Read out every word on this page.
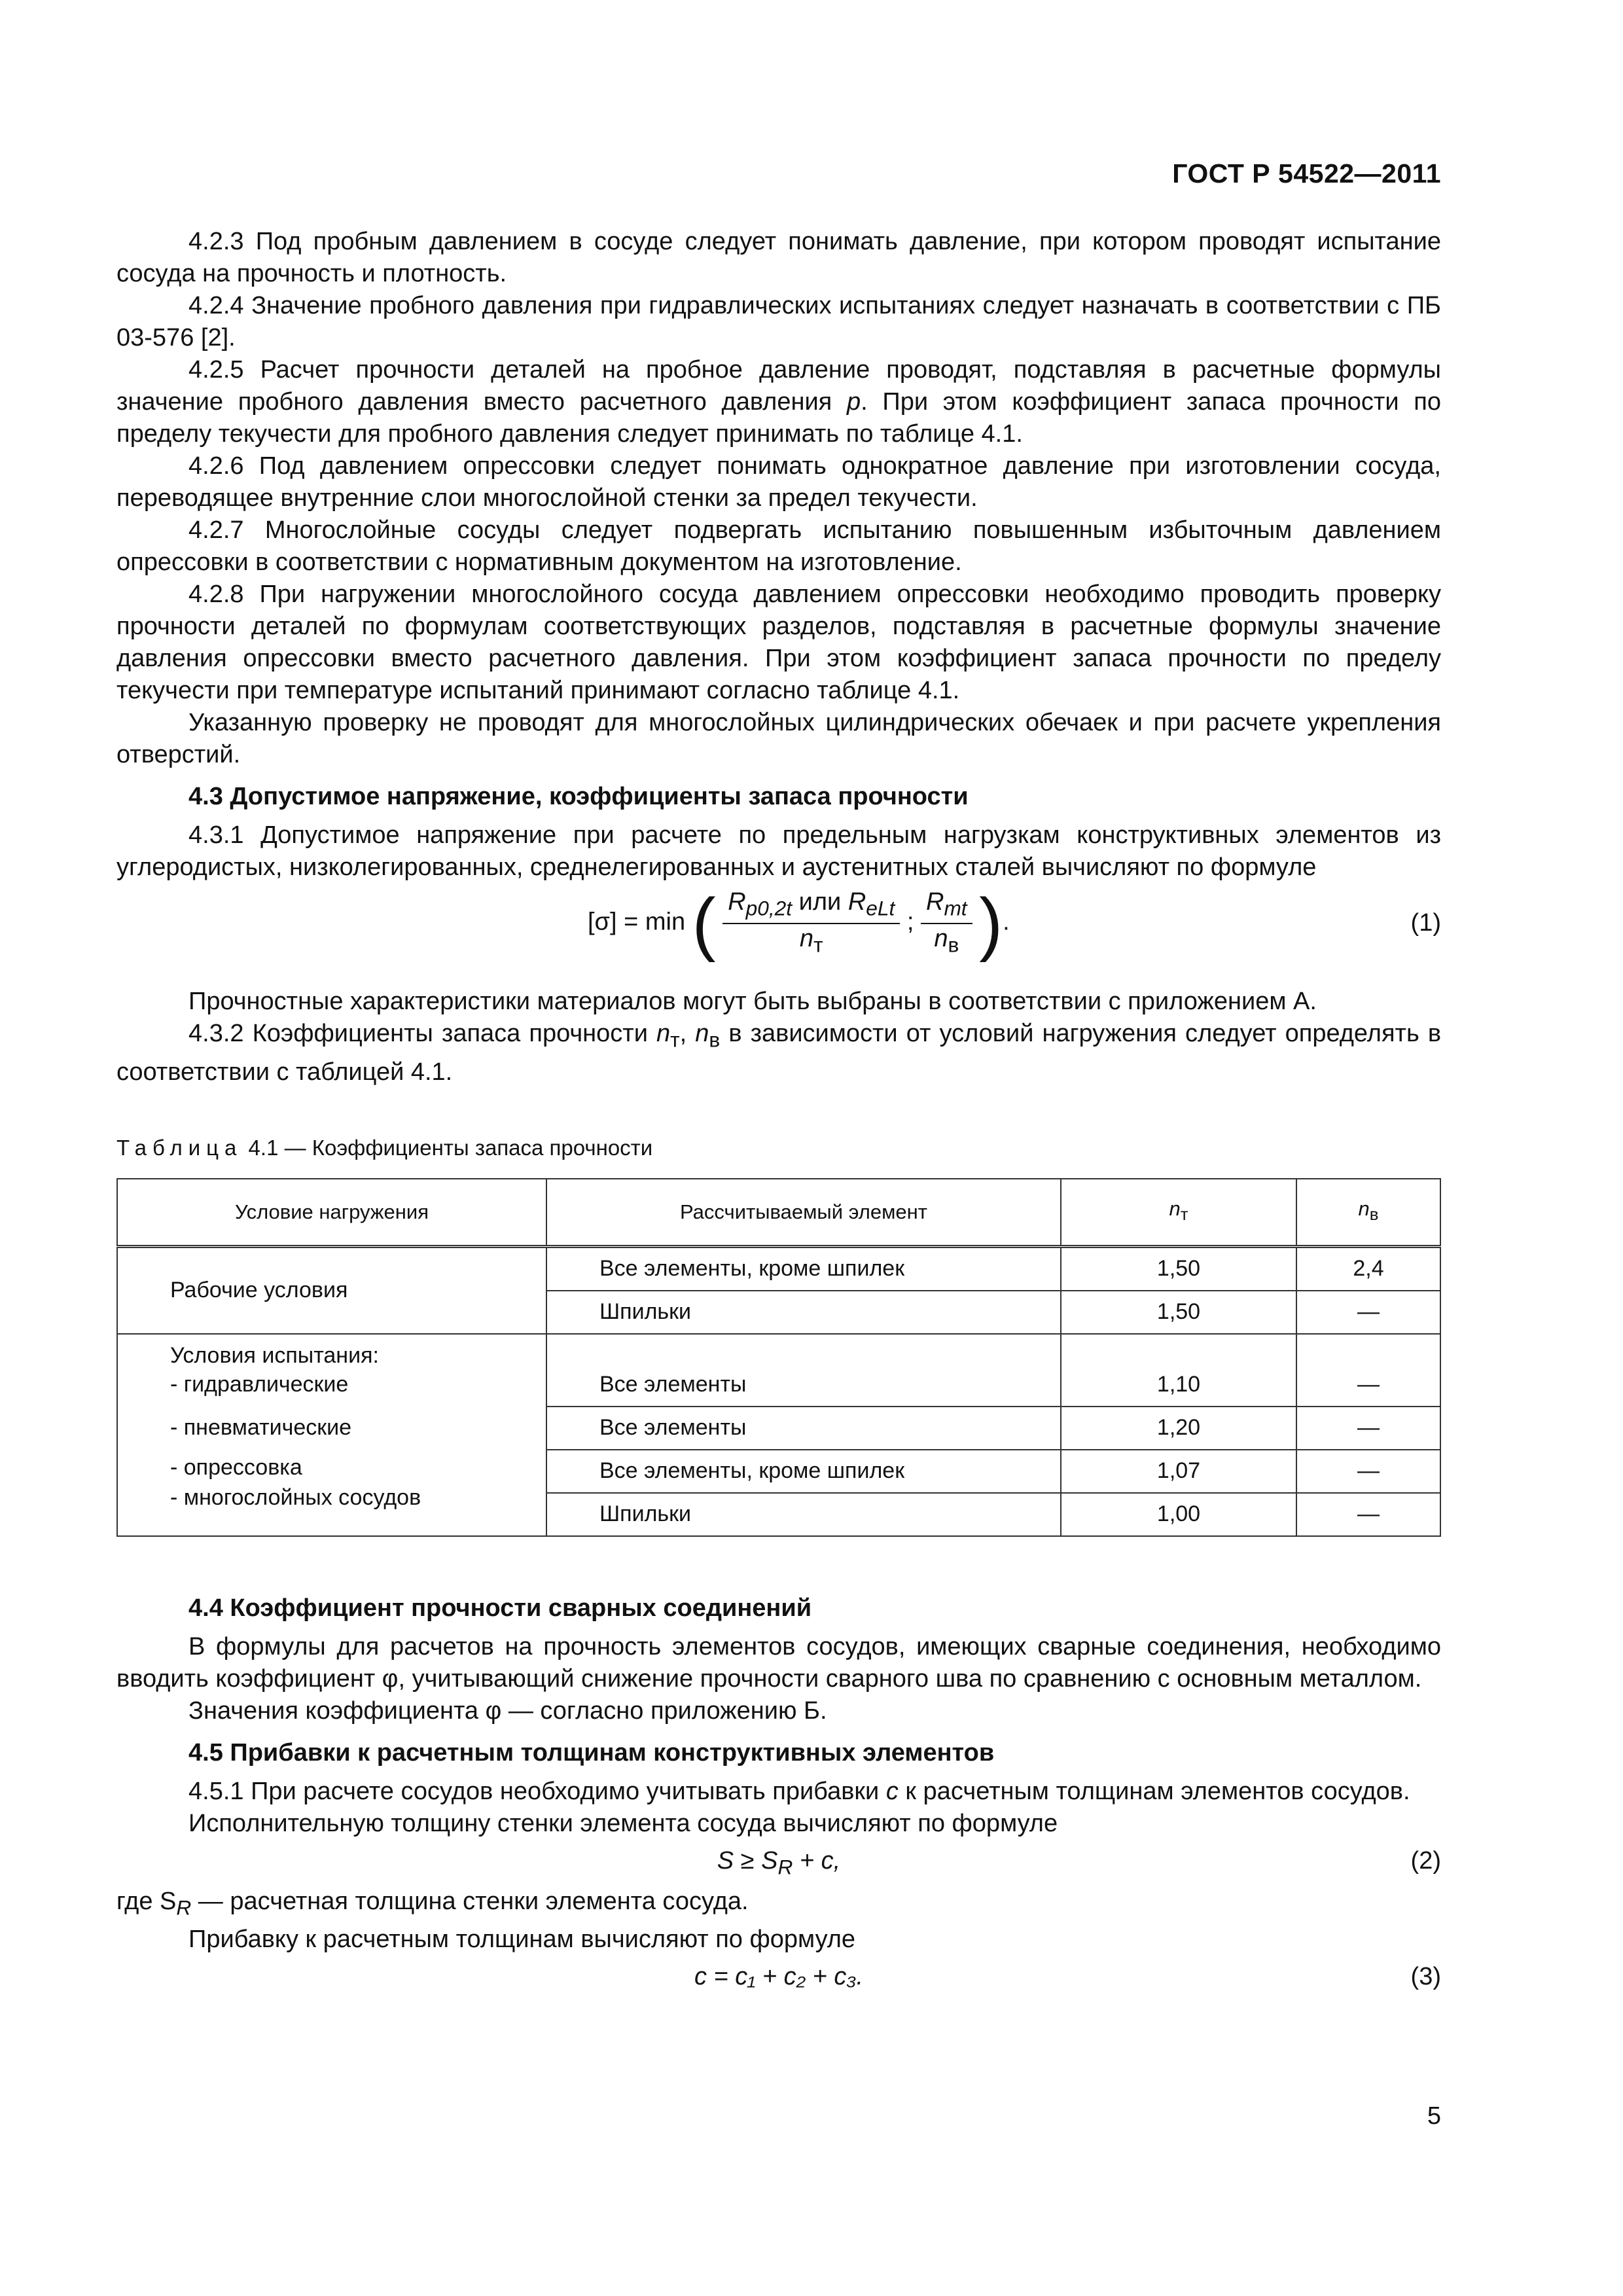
ГОСТ Р 54522—2011

4.2.3 Под пробным давлением в сосуде следует понимать давление, при котором проводят испытание сосуда на прочность и плотность.

4.2.4 Значение пробного давления при гидравлических испытаниях следует назначать в соответствии с ПБ 03-576 [2].

4.2.5 Расчет прочности деталей на пробное давление проводят, подставляя в расчетные формулы значение пробного давления вместо расчетного давления p. При этом коэффициент запаса прочности по пределу текучести для пробного давления следует принимать по таблице 4.1.

4.2.6 Под давлением опрессовки следует понимать однократное давление при изготовлении сосуда, переводящее внутренние слои многослойной стенки за предел текучести.

4.2.7 Многослойные сосуды следует подвергать испытанию повышенным избыточным давлением опрессовки в соответствии с нормативным документом на изготовление.

4.2.8 При нагружении многослойного сосуда давлением опрессовки необходимо проводить проверку прочности деталей по формулам соответствующих разделов, подставляя в расчетные формулы значение давления опрессовки вместо расчетного давления. При этом коэффициент запаса прочности по пределу текучести при температуре испытаний принимают согласно таблице 4.1.

Указанную проверку не проводят для многослойных цилиндрических обечаек и при расчете укрепления отверстий.

4.3 Допустимое напряжение, коэффициенты запаса прочности

4.3.1 Допустимое напряжение при расчете по предельным нагрузкам конструктивных элементов из углеродистых, низколегированных, среднелегированных и аустенитных сталей вычисляют по формуле

[σ] = min ( $\frac{R_{p0,2t} или R_{eLt}}{n_т}$ ; $\frac{R_{mt}}{n_в}$ ).	(1)

Прочностные характеристики материалов могут быть выбраны в соответствии с приложением А.

4.3.2 Коэффициенты запаса прочности $n_т$, $n_в$ в зависимости от условий нагружения следует определять в соответствии с таблицей 4.1.

Таблица 4.1 — Коэффициенты запаса прочности
Условие нагружения	Рассчитываемый элемент	$n_т$	$n_в$
Рабочие условия	Все элементы, кроме шпилек	1,50	2,4
	Шпильки	1,50	—
Условия испытания:
- гидравлические	Все элементы	1,10	—
- пневматические	Все элементы	1,20	—
- опрессовка
- многослойных сосудов	Все элементы, кроме шпилек	1,07	—
	Шпильки	1,00	—
4.4 Коэффициент прочности сварных соединений

В формулы для расчетов на прочность элементов сосудов, имеющих сварные соединения, необходимо вводить коэффициент φ, учитывающий снижение прочности сварного шва по сравнению с основным металлом.

Значения коэффициента φ — согласно приложению Б.

4.5 Прибавки к расчетным толщинам конструктивных элементов

4.5.1 При расчете сосудов необходимо учитывать прибавки c к расчетным толщинам элементов сосудов.

Исполнительную толщину стенки элемента сосуда вычисляют по формуле

$S \ge S_R + c$,	(2)

где $S_R$ — расчетная толщина стенки элемента сосуда.

Прибавку к расчетным толщинам вычисляют по формуле

c = c₁ + c₂ + c₃.	(3)
5
